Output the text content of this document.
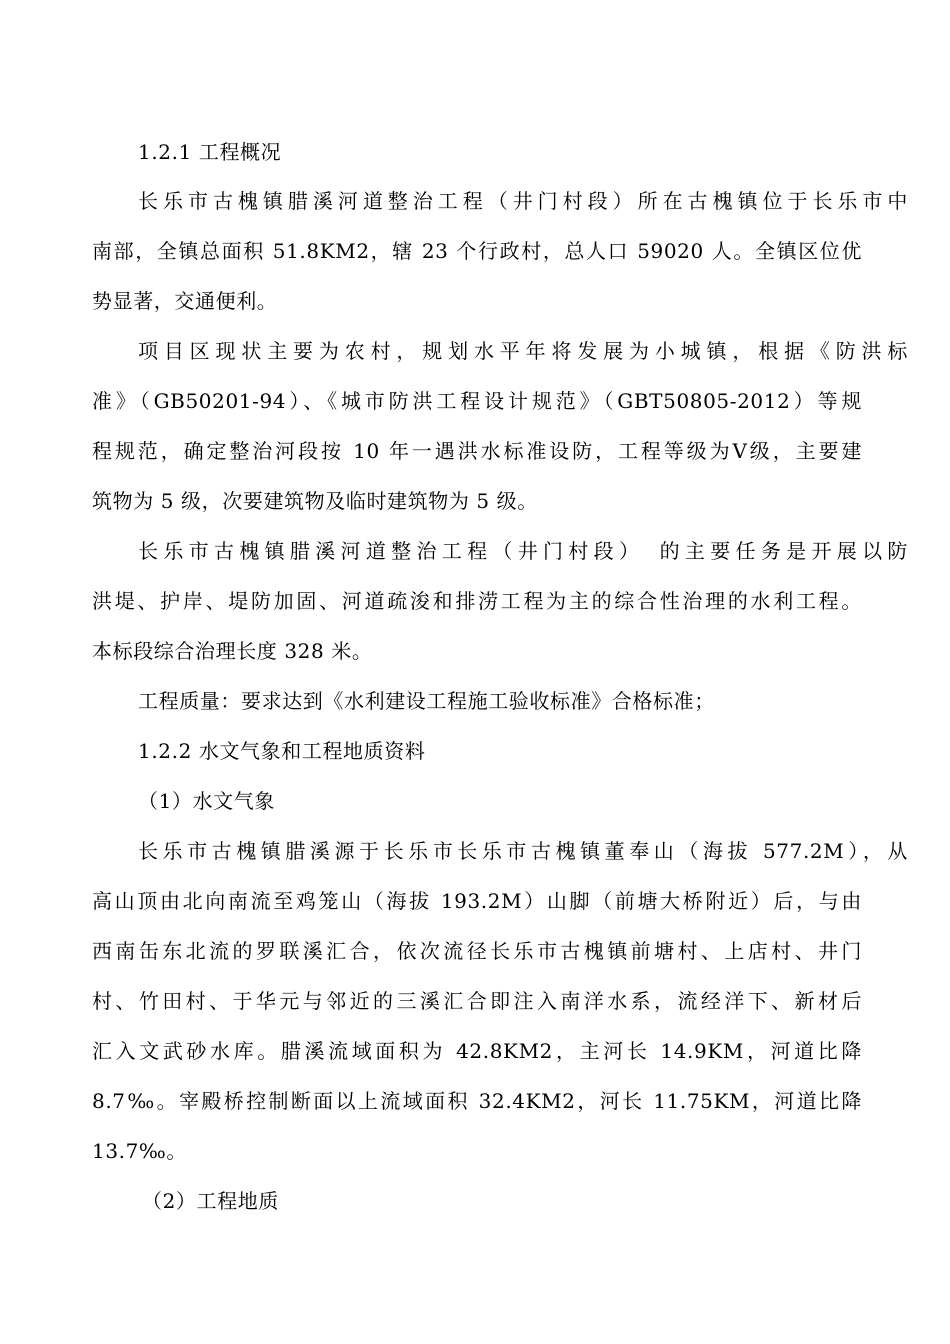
1.2.1 工程概况
长乐市古槐镇腊溪河道整治工程（井门村段）所在古槐镇位于长乐市中
南部，全镇总面积 51.8KM2，辖 23 个行政村，总人口 59020 人。全镇区位优
势显著，交通便利。
项目区现状主要为农村，规划水平年将发展为小城镇，根据《防洪标
准》（GB50201-94）、《城市防洪工程设计规范》（GBT50805-2012）等规
程规范，确定整治河段按 10 年一遇洪水标准设防，工程等级为Ⅴ级，主要建
筑物为 5 级，次要建筑物及临时建筑物为 5 级。
长乐市古槐镇腊溪河道整治工程（井门村段）　的主要任务是开展以防
洪堤、护岸、堤防加固、河道疏浚和排涝工程为主的综合性治理的水利工程。
本标段综合治理长度 328 米。
工程质量：要求达到《水利建设工程施工验收标准》合格标准；
1.2.2 水文气象和工程地质资料
（1）水文气象
长乐市古槐镇腊溪源于长乐市长乐市古槐镇董奉山（海拔 577.2M），从
高山顶由北向南流至鸡笼山（海拔 193.2M）山脚（前塘大桥附近）后，与由
西南缶东北流的罗联溪汇合，依次流径长乐市古槐镇前塘村、上店村、井门
村、竹田村、于华元与邻近的三溪汇合即注入南洋水系，流经洋下、新材后
汇入文武砂水库。腊溪流域面积为 42.8KM2，主河长 14.9KM，河道比降
8.7‰。宰殿桥控制断面以上流域面积 32.4KM2，河长 11.75KM，河道比降
13.7‰。
（2）工程地质
